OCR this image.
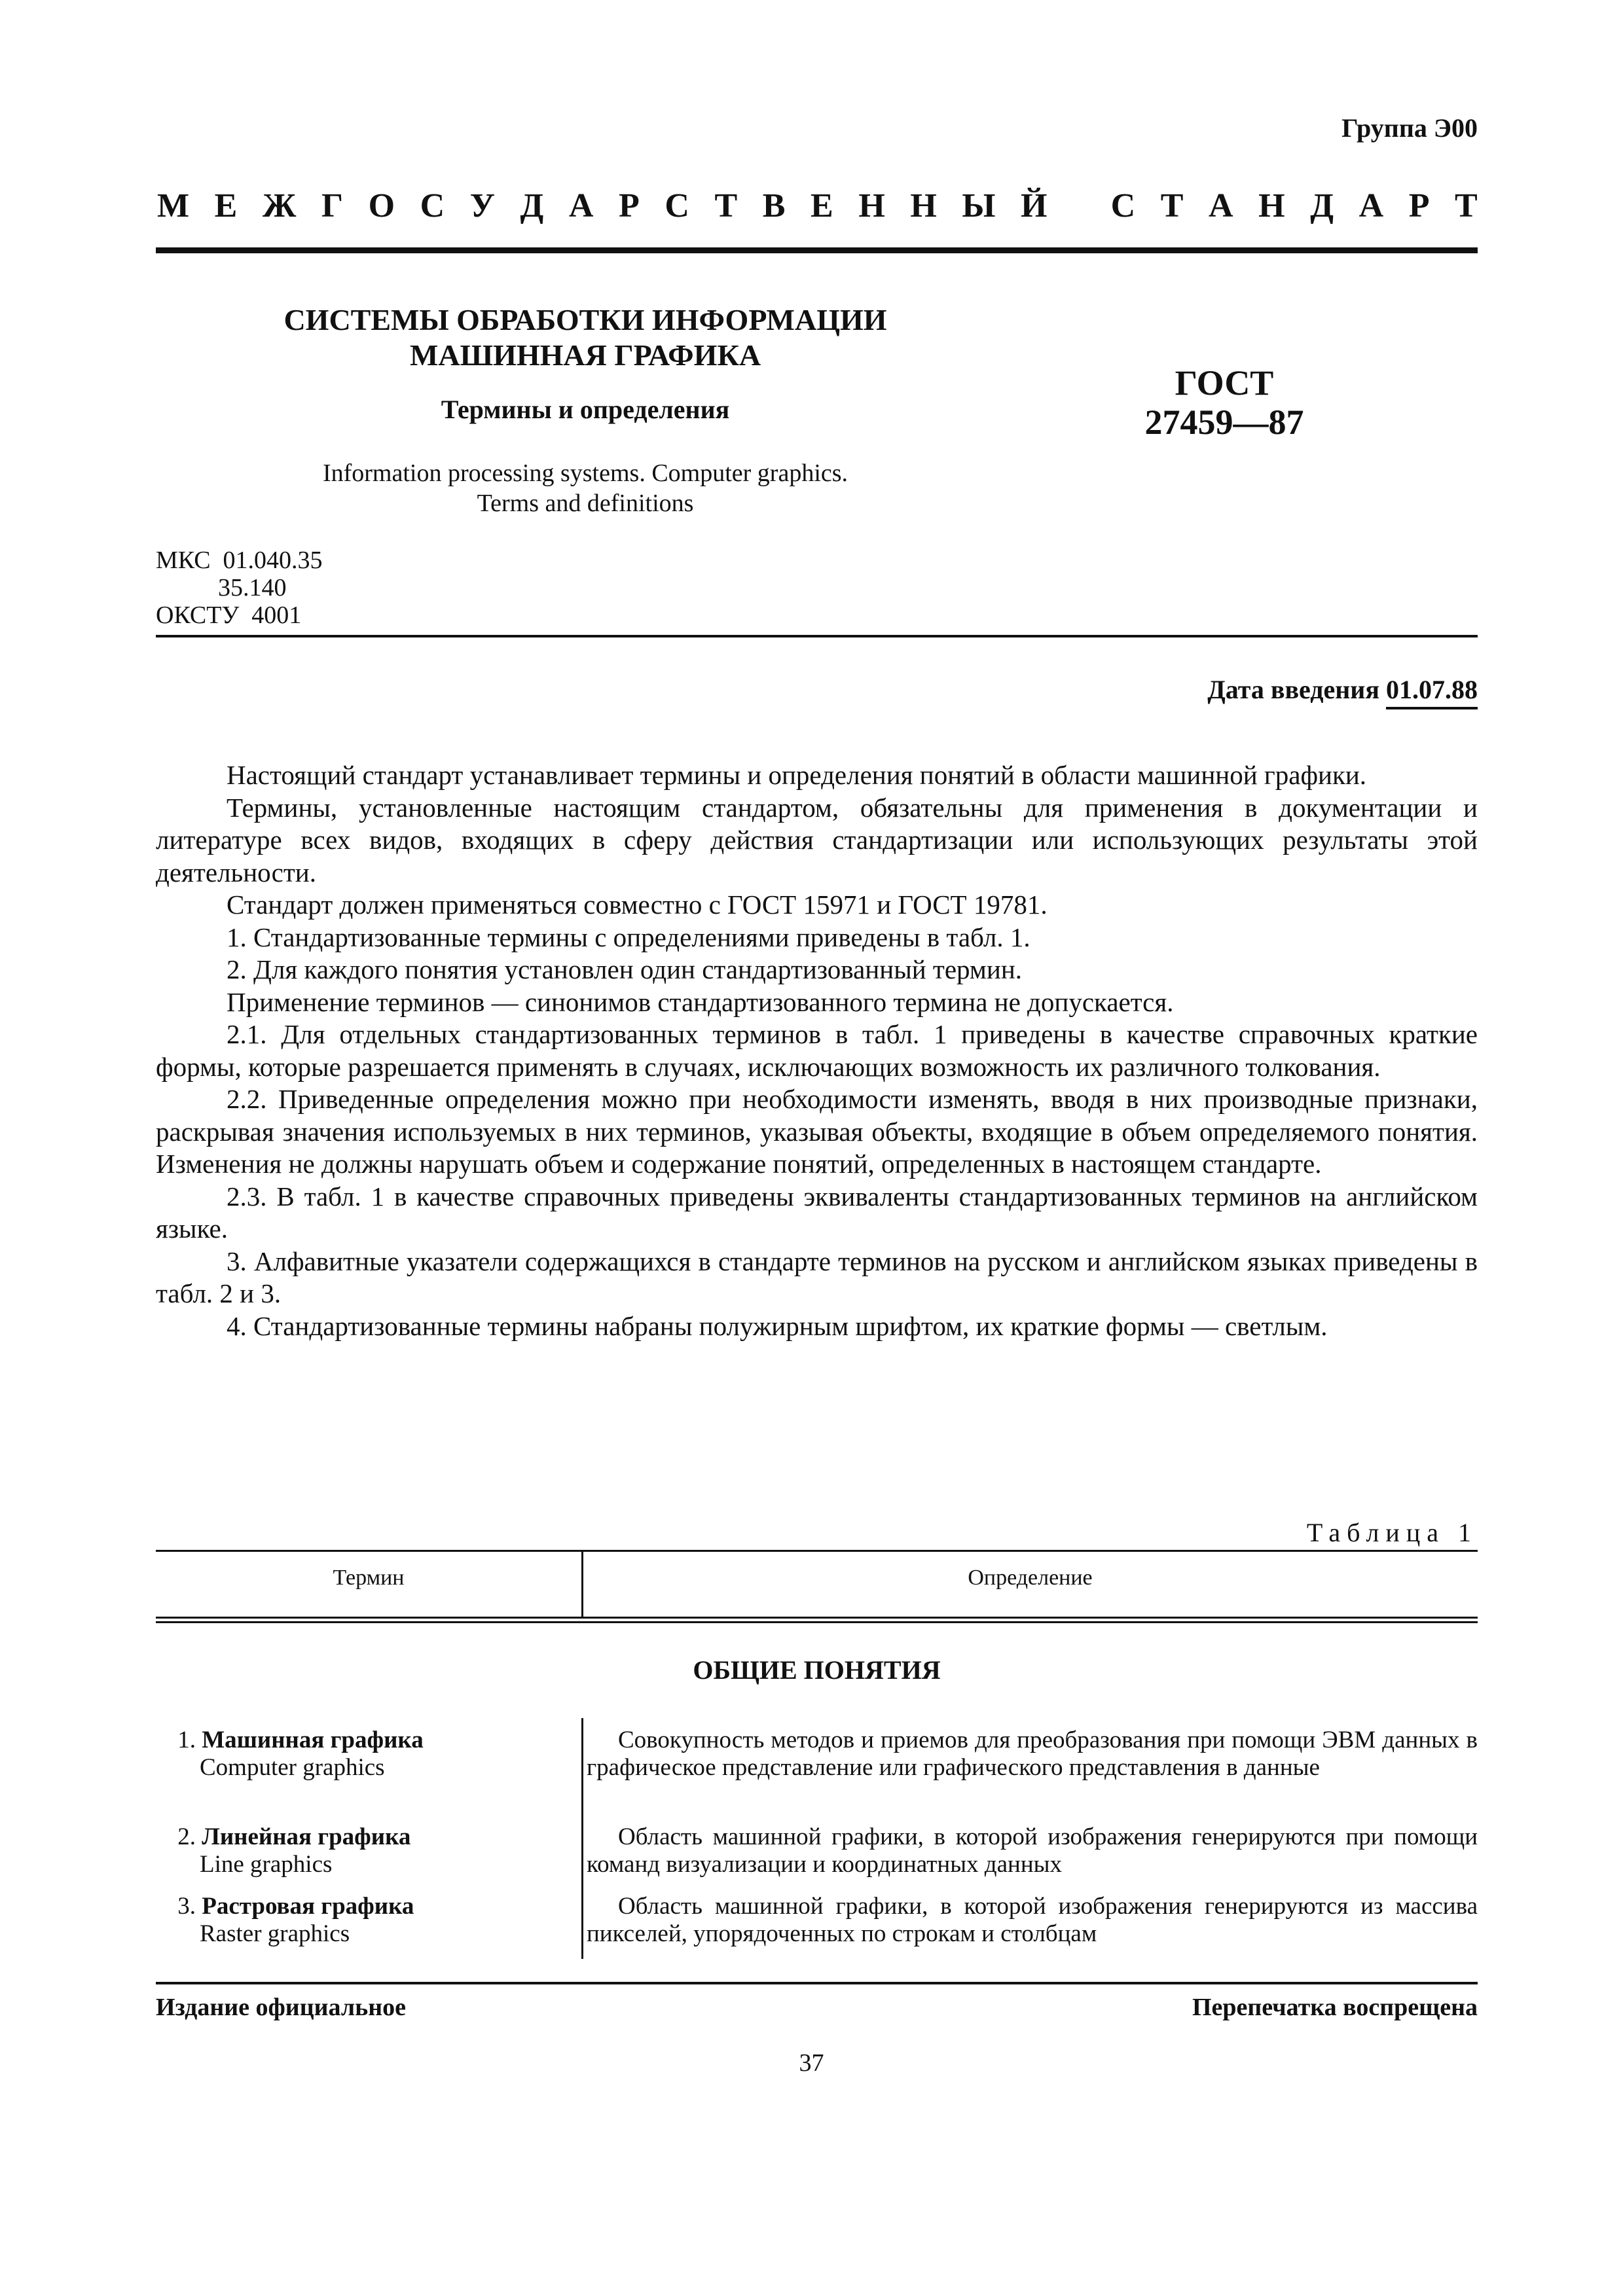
Группа Э00
М Е Ж Г О С У Д А Р С Т В Е Н Н Ы Й С Т А Н Д А Р Т
СИСТЕМЫ ОБРАБОТКИ ИНФОРМАЦИИ
МАШИННАЯ ГРАФИКА
Термины и определения
Information processing systems. Computer graphics.
Terms and definitions
ГОСТ
27459—87
МКС  01.040.35
35.140
ОКСТУ  4001
Дата введения 01.07.88

Настоящий стандарт устанавливает термины и определения понятий в области машинной графики.

Термины, установленные настоящим стандартом, обязательны для применения в документации и литературе всех видов, входящих в сферу действия стандартизации или использующих результаты этой деятельности.

Стандарт должен применяться совместно с ГОСТ 15971 и ГОСТ 19781.

1. Стандартизованные термины с определениями приведены в табл. 1.

2. Для каждого понятия установлен один стандартизованный термин.

Применение терминов — синонимов стандартизованного термина не допускается.

2.1. Для отдельных стандартизованных терминов в табл. 1 приведены в качестве справочных краткие формы, которые разрешается применять в случаях, исключающих возможность их различного толкования.

2.2. Приведенные определения можно при необходимости изменять, вводя в них производные признаки, раскрывая значения используемых в них терминов, указывая объекты, входящие в объем определяемого понятия. Изменения не должны нарушать объем и содержание понятий, определенных в настоящем стандарте.

2.3. В табл. 1 в качестве справочных приведены эквиваленты стандартизованных терминов на английском языке.

3. Алфавитные указатели содержащихся в стандарте терминов на русском и английском языках приведены в табл. 2 и 3.

4. Стандартизованные термины набраны полужирным шрифтом, их краткие формы — светлым.

Таблица 1
Термин	Определение
ОБЩИЕ ПОНЯТИЯ
1. Машинная графика
Computer graphics

Совокупность методов и приемов для преобразования при помощи ЭВМ данных в графическое представление или графического представления в данные

2. Линейная графика
Line graphics

Область машинной графики, в которой изображения генерируются при помощи команд визуализации и координатных данных

3. Растровая графика
Raster graphics

Область машинной графики, в которой изображения генерируются из массива пикселей, упорядоченных по строкам и столбцам

Издание официальное	Перепечатка воспрещена
37
